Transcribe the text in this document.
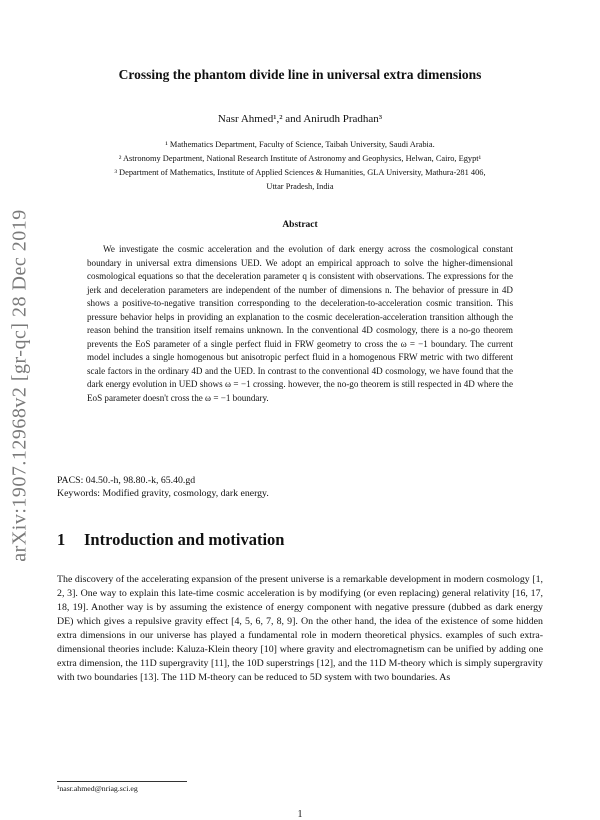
arXiv:1907.12968v2 [gr-qc] 28 Dec 2019
Crossing the phantom divide line in universal extra dimensions
Nasr Ahmed¹,² and Anirudh Pradhan³
¹ Mathematics Department, Faculty of Science, Taibah University, Saudi Arabia.
² Astronomy Department, National Research Institute of Astronomy and Geophysics, Helwan, Cairo, Egypt¹
³ Department of Mathematics, Institute of Applied Sciences & Humanities, GLA University, Mathura-281 406,
Uttar Pradesh, India
Abstract

We investigate the cosmic acceleration and the evolution of dark energy across the cosmological constant boundary in universal extra dimensions UED. We adopt an empirical approach to solve the higher-dimensional cosmological equations so that the deceleration parameter q is consistent with observations. The expressions for the jerk and deceleration parameters are independent of the number of dimensions n. The behavior of pressure in 4D shows a positive-to-negative transition corresponding to the deceleration-to-acceleration cosmic transition. This pressure behavior helps in providing an explanation to the cosmic deceleration-acceleration transition although the reason behind the transition itself remains unknown. In the conventional 4D cosmology, there is a no-go theorem prevents the EoS parameter of a single perfect fluid in FRW geometry to cross the ω = −1 boundary. The current model includes a single homogenous but anisotropic perfect fluid in a homogenous FRW metric with two different scale factors in the ordinary 4D and the UED. In contrast to the conventional 4D cosmology, we have found that the dark energy evolution in UED shows ω = −1 crossing. however, the no-go theorem is still respected in 4D where the EoS parameter doesn't cross the ω = −1 boundary.

PACS: 04.50.-h, 98.80.-k, 65.40.gd
Keywords: Modified gravity, cosmology, dark energy.
1 Introduction and motivation

The discovery of the accelerating expansion of the present universe is a remarkable development in modern cosmology [1, 2, 3]. One way to explain this late-time cosmic acceleration is by modifying (or even replacing) general relativity [16, 17, 18, 19]. Another way is by assuming the existence of energy component with negative pressure (dubbed as dark energy DE) which gives a repulsive gravity effect [4, 5, 6, 7, 8, 9]. On the other hand, the idea of the existence of some hidden extra dimensions in our universe has played a fundamental role in modern theoretical physics. examples of such extra-dimensional theories include: Kaluza-Klein theory [10] where gravity and electromagnetism can be unified by adding one extra dimension, the 11D supergravity [11], the 10D superstrings [12], and the 11D M-theory which is simply supergravity with two boundaries [13]. The 11D M-theory can be reduced to 5D system with two boundaries. As

¹nasr.ahmed@nriag.sci.eg
1
